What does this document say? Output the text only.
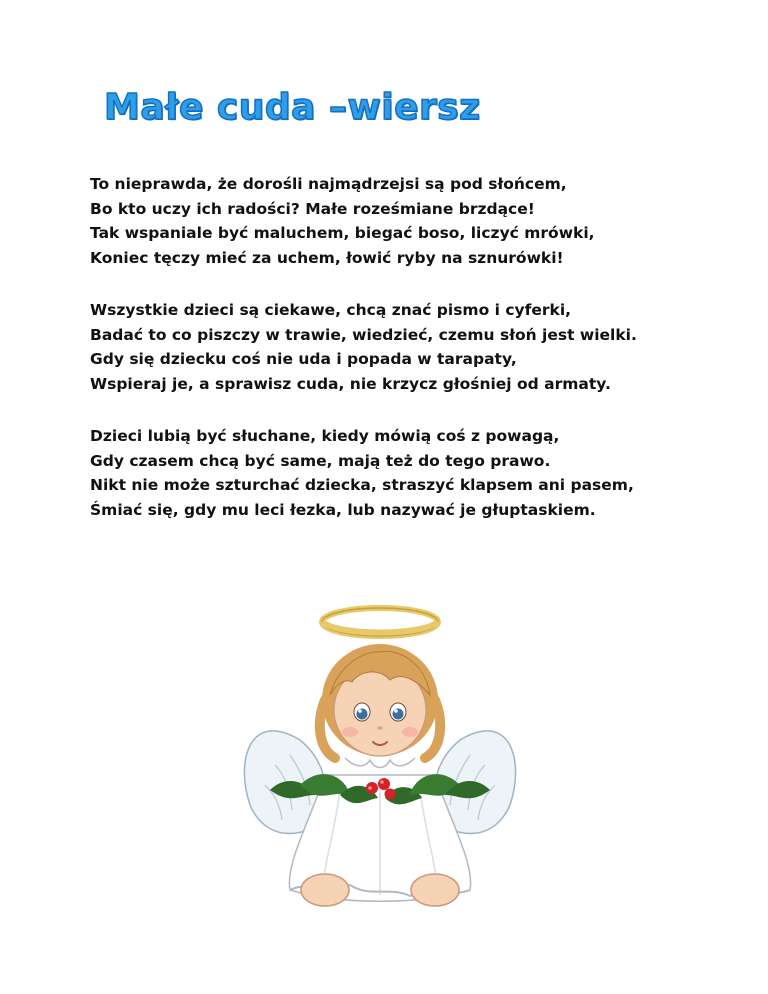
Małe cuda –wiersz
To nieprawda, że dorośli najmądrzejsi są pod słońcem,
Bo kto uczy ich radości? Małe roześmiane brzdące!
Tak wspaniale być maluchem, biegać boso, liczyć mrówki,
Koniec tęczy mieć za uchem, łowić ryby na sznurówki!
Wszystkie dzieci są ciekawe, chcą znać pismo i cyferki,
Badać to co piszczy w trawie, wiedzieć, czemu słoń jest wielki.
Gdy się dziecku coś nie uda i popada w tarapaty,
Wspieraj je, a sprawisz cuda, nie krzycz głośniej od armaty.
Dzieci lubią być słuchane, kiedy mówią coś z powagą,
Gdy czasem chcą być same, mają też do tego prawo.
Nikt nie może szturchać dziecka, straszyć klapsem ani pasem,
Śmiać się, gdy mu leci łezka, lub nazywać je głuptaskiem.
